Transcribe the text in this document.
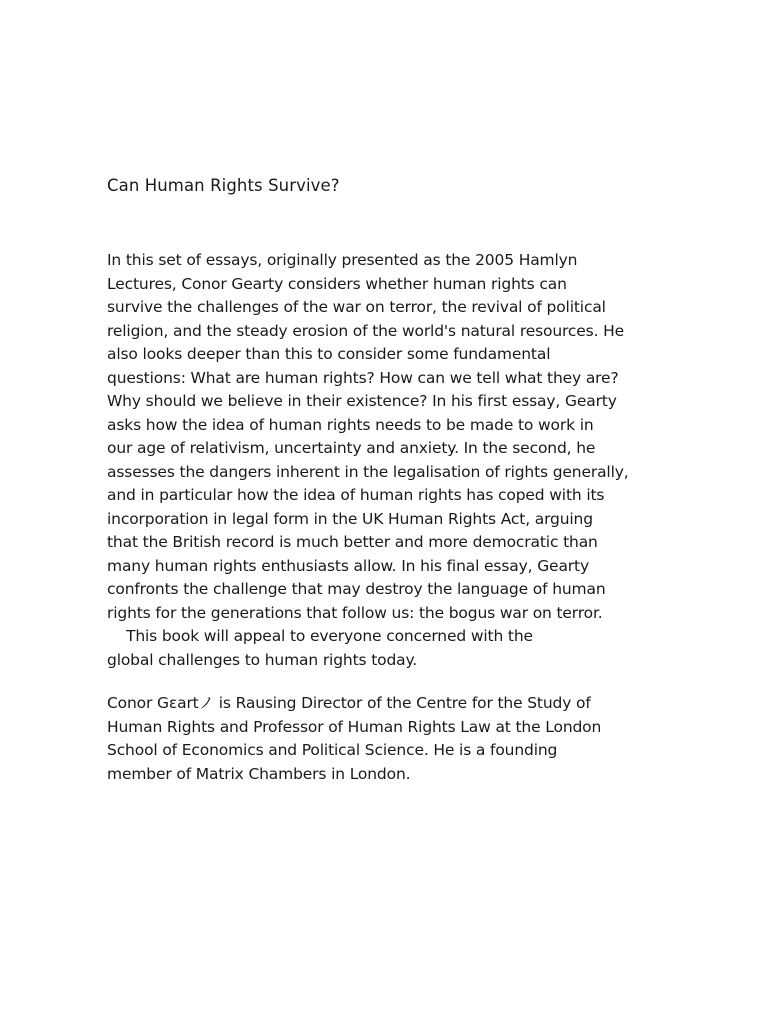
Can Human Rights Survive?
In this set of essays, originally presented as the 2005 Hamlyn
Lectures, Conor Gearty considers whether human rights can
survive the challenges of the war on terror, the revival of political
religion, and the steady erosion of the world's natural resources. He
also looks deeper than this to consider some fundamental
questions: What are human rights? How can we tell what they are?
Why should we believe in their existence? In his first essay, Gearty
asks how the idea of human rights needs to be made to work in
our age of relativism, uncertainty and anxiety. In the second, he
assesses the dangers inherent in the legalisation of rights generally,
and in particular how the idea of human rights has coped with its
incorporation in legal form in the UK Human Rights Act, arguing
that the British record is much better and more democratic than
many human rights enthusiasts allow. In his final essay, Gearty
confronts the challenge that may destroy the language of human
rights for the generations that follow us: the bogus war on terror.
This book will appeal to everyone concerned with the
global challenges to human rights today.
Conor Gεartノ is Rausing Director of the Centre for the Study of
Human Rights and Professor of Human Rights Law at the London
School of Economics and Political Science. He is a founding
member of Matrix Chambers in London.
